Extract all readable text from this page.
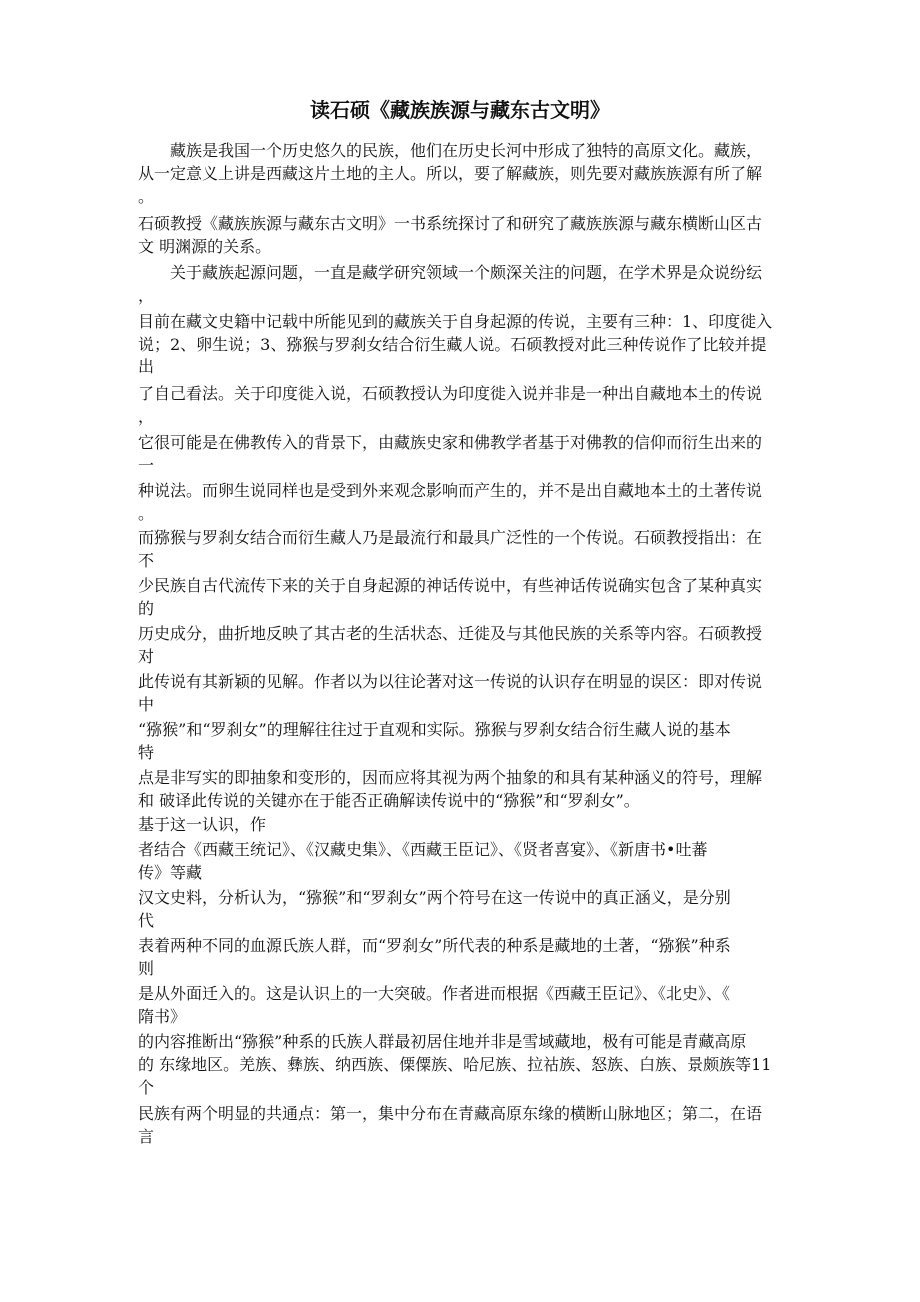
读石硕《藏族族源与藏东古文明》
藏族是我国一个历史悠久的民族，他们在历史长河中形成了独特的高原文化。藏族，
从一定意义上讲是西藏这片土地的主人。所以，要了解藏族，则先要对藏族族源有所了解
。
石硕教授《藏族族源与藏东古文明》一书系统探讨了和研究了藏族族源与藏东横断山区古
文 明渊源的关系。
关于藏族起源问题，一直是藏学研究领域一个颇深关注的问题，在学术界是众说纷纭
，
目前在藏文史籍中记载中所能见到的藏族关于自身起源的传说，主要有三种：1、印度徙入
说；2、卵生说；3、猕猴与罗刹女结合衍生藏人说。石硕教授对此三种传说作了比较并提
出
了自己看法。关于印度徙入说，石硕教授认为印度徙入说并非是一种出自藏地本土的传说
，
它很可能是在佛教传入的背景下，由藏族史家和佛教学者基于对佛教的信仰而衍生出来的
一
种说法。而卵生说同样也是受到外来观念影响而产生的，并不是出自藏地本土的土著传说
。
而猕猴与罗刹女结合而衍生藏人乃是最流行和最具广泛性的一个传说。石硕教授指出：在
不
少民族自古代流传下来的关于自身起源的神话传说中，有些神话传说确实包含了某种真实
的
历史成分，曲折地反映了其古老的生活状态、迁徙及与其他民族的关系等内容。石硕教授
对
此传说有其新颖的见解。作者以为以往论著对这一传说的认识存在明显的误区：即对传说
中
“猕猴”和“罗刹女”的理解往往过于直观和实际。猕猴与罗刹女结合衍生藏人说的基本
特
点是非写实的即抽象和变形的，因而应将其视为两个抽象的和具有某种涵义的符号，理解
和 破译此传说的关键亦在于能否正确解读传说中的“猕猴”和“罗刹女”。
基于这一认识，作
者结合《西藏王统记》、《汉藏史集》、《西藏王臣记》、《贤者喜宴》、《新唐书•吐蕃
传》等藏
汉文史料，分析认为，“猕猴”和“罗刹女”两个符号在这一传说中的真正涵义，是分别
代
表着两种不同的血源氏族人群，而“罗刹女”所代表的种系是藏地的土著，“猕猴”种系
则
是从外面迁入的。这是认识上的一大突破。作者进而根据《西藏王臣记》、《北史》、《
隋书》
的内容推断出“猕猴”种系的氏族人群最初居住地并非是雪域藏地，极有可能是青藏高原
的 东缘地区。羌族、彝族、纳西族、傈僳族、哈尼族、拉祜族、怒族、白族、景颇族等11
个
民族有两个明显的共通点：第一，集中分布在青藏高原东缘的横断山脉地区；第二，在语
言
